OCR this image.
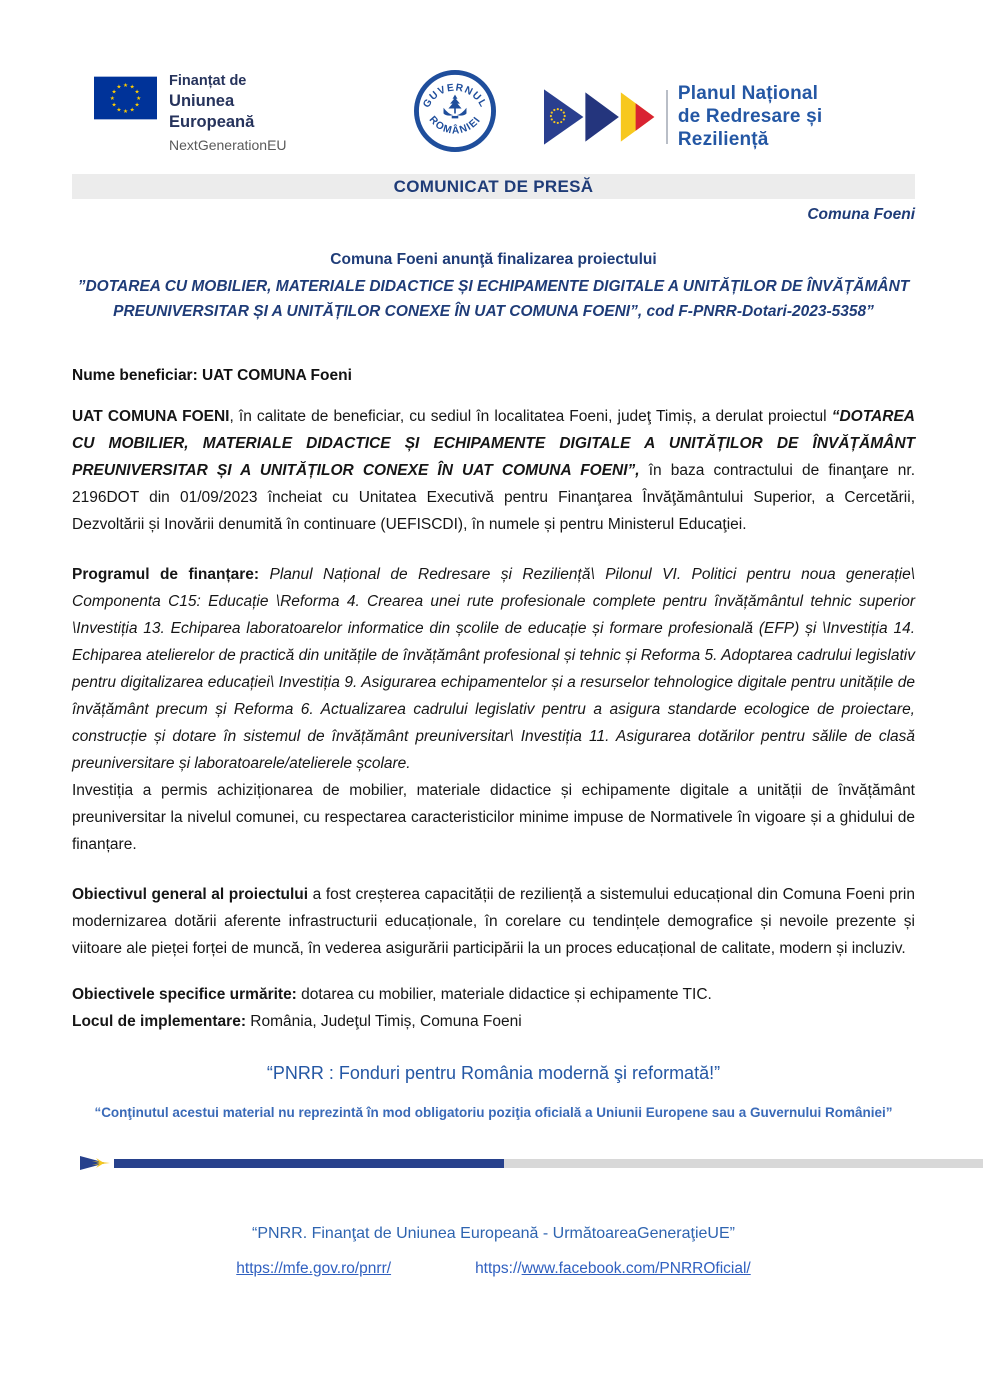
★ ★
★
★
★
★
★
★
★
★
★
★	Finanțat de
Uniunea Europeană
NextGenerationEU
GUVERNUL
ROMÂNIEI
Planul Național
de Redresare și Reziliență
COMUNICAT DE PRESĂ
Comuna Foeni
Comuna Foeni anunţă finalizarea proiectului
”DOTAREA CU MOBILIER, MATERIALE DIDACTICE ȘI ECHIPAMENTE DIGITALE A UNITĂȚILOR DE ÎNVĂȚĂMÂNT PREUNIVERSITAR ȘI A UNITĂȚILOR CONEXE ÎN UAT COMUNA FOENI”, cod F-PNRR-Dotari-2023-5358”
Nume beneficiar: UAT COMUNA Foeni

UAT COMUNA FOENI, în calitate de beneficiar, cu sediul în localitatea Foeni, judeţ Timiș, a derulat proiectul “DOTAREA CU MOBILIER, MATERIALE DIDACTICE ȘI ECHIPAMENTE DIGITALE A UNITĂȚILOR DE ÎNVĂȚĂMÂNT PREUNIVERSITAR ȘI A UNITĂȚILOR CONEXE ÎN UAT COMUNA FOENI”, în baza contractului de finanţare nr. 2196DOT din 01/09/2023 încheiat cu Unitatea Executivă pentru Finanţarea Învăţământului Superior, a Cercetării, Dezvoltării și Inovării denumită în continuare (UEFISCDI), în numele și pentru Ministerul Educaţiei.

Programul de finanțare: Planul Național de Redresare și Reziliență\ Pilonul VI. Politici pentru noua generație\ Componenta C15: Educație \Reforma 4. Crearea unei rute profesionale complete pentru învățământul tehnic superior \Investiția 13. Echiparea laboratoarelor informatice din școlile de educație și formare profesională (EFP) și \Investiția 14. Echiparea atelierelor de practică din unitățile de învățământ profesional și tehnic și Reforma 5. Adoptarea cadrului legislativ pentru digitalizarea educației\ Investiția 9. Asigurarea echipamentelor și a resurselor tehnologice digitale pentru unitățile de învățământ precum și Reforma 6. Actualizarea cadrului legislativ pentru a asigura standarde ecologice de proiectare, construcție și dotare în sistemul de învățământ preuniversitar\ Investiția 11. Asigurarea dotărilor pentru sălile de clasă preuniversitare și laboratoarele/atelierele școlare.
Investiția a permis achiziționarea de mobilier, materiale didactice și echipamente digitale a unității de învățământ preuniversitar la nivelul comunei, cu respectarea caracteristicilor minime impuse de Normativele în vigoare și a ghidului de finanțare.

Obiectivul general al proiectului a fost creșterea capacității de reziliență a sistemului educațional din Comuna Foeni prin modernizarea dotării aferente infrastructurii educaționale, în corelare cu tendințele demografice și nevoile prezente și viitoare ale pieței forței de muncă, în vederea asigurării participării la un proces educațional de calitate, modern și incluziv.

Obiectivele specifice urmărite: dotarea cu mobilier, materiale didactice și echipamente TIC.
Locul de implementare: România, Judeţul Timiș, Comuna Foeni
“PNRR : Fonduri pentru România modernă şi reformată!”
“Conţinutul acestui material nu reprezintă în mod obligatoriu poziţia oficială a Uniunii Europene sau a Guvernului României”
“PNRR. Finanţat de Uniunea Europeană - UrmătoareaGeneraţieUE”
https://mfe.gov.ro/pnrr/	https://www.facebook.com/PNRROficial/
